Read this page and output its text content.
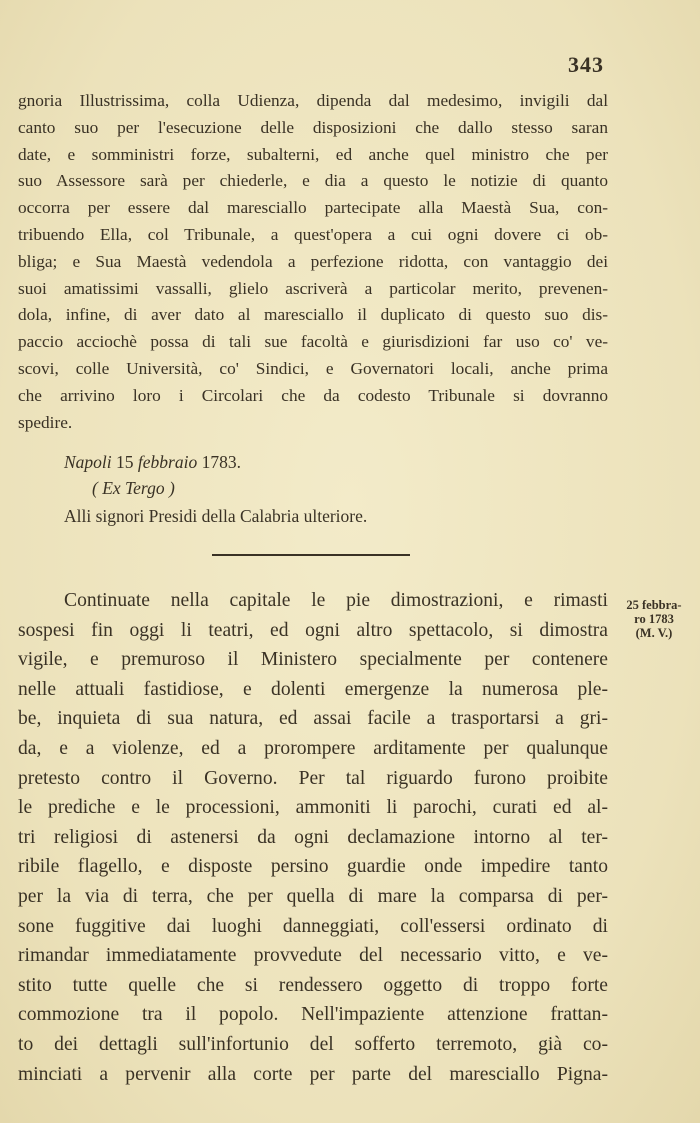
343
gnoria Illustrissima, colla Udienza, dipenda dal medesimo, invigili dal
canto suo per l'esecuzione delle disposizioni che dallo stesso saran
date, e somministri forze, subalterni, ed anche quel ministro che per
suo Assessore sarà per chiederle, e dia a questo le notizie di quanto
occorra per essere dal maresciallo partecipate alla Maestà Sua, con-
tribuendo Ella, col Tribunale, a quest'opera a cui ogni dovere ci ob-
bliga; e Sua Maestà vedendola a perfezione ridotta, con vantaggio dei
suoi amatissimi vassalli, glielo ascriverà a particolar merito, prevenen-
dola, infine, di aver dato al maresciallo il duplicato di questo suo dis-
paccio acciochè possa di tali sue facoltà e giurisdizioni far uso co' ve-
scovi, colle Università, co' Sindici, e Governatori locali, anche prima
che arrivino loro i Circolari che da codesto Tribunale si dovranno
spedire.
Napoli 15 febbraio 1783.
( Ex Tergo )
Alli signori Presidi della Calabria ulteriore.
Continuate nella capitale le pie dimostrazioni, e rimasti
sospesi fin oggi li teatri, ed ogni altro spettacolo, si dimostra
vigile, e premuroso il Ministero specialmente per contenere
nelle attuali fastidiose, e dolenti emergenze la numerosa ple-
be, inquieta di sua natura, ed assai facile a trasportarsi a gri-
da, e a violenze, ed a prorompere arditamente per qualunque
pretesto contro il Governo. Per tal riguardo furono proibite
le prediche e le processioni, ammoniti li parochi, curati ed al-
tri religiosi di astenersi da ogni declamazione intorno al ter-
ribile flagello, e disposte persino guardie onde impedire tanto
per la via di terra, che per quella di mare la comparsa di per-
sone fuggitive dai luoghi danneggiati, coll'essersi ordinato di
rimandar immediatamente provvedute del necessario vitto, e ve-
stito tutte quelle che si rendessero oggetto di troppo forte
commozione tra il popolo. Nell'impaziente attenzione frattan-
to dei dettagli sull'infortunio del sofferto terremoto, già co-
minciati a pervenir alla corte per parte del maresciallo Pigna-
25 febbra-
ro 1783
(M. V.)
